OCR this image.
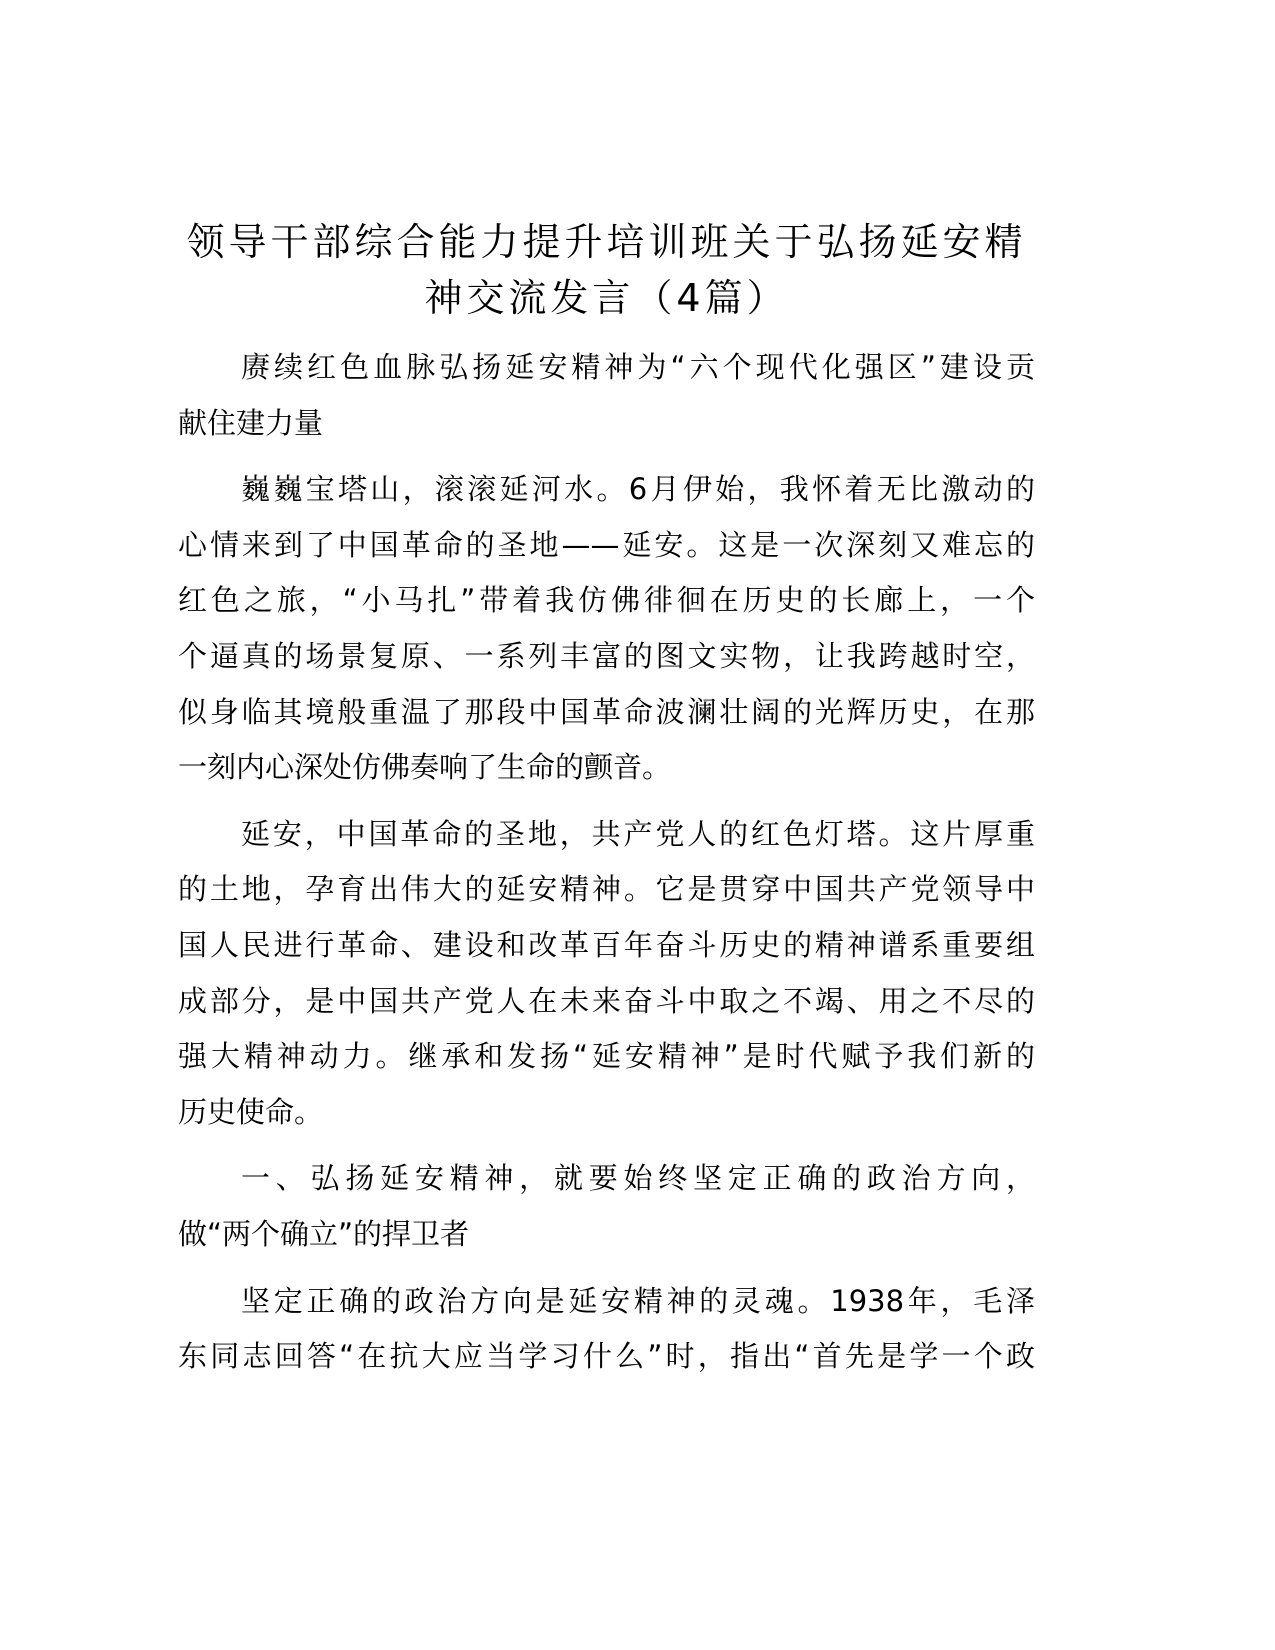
领导干部综合能力提升培训班关于弘扬延安精
神交流发言（4篇）
赓续红色血脉弘扬延安精神为“六个现代化强区”建设贡
献住建力量
巍巍宝塔山，滚滚延河水。6月伊始，我怀着无比激动的
心情来到了中国革命的圣地——延安。这是一次深刻又难忘的
红色之旅，“小马扎”带着我仿佛徘徊在历史的长廊上，一个
个逼真的场景复原、一系列丰富的图文实物，让我跨越时空，
似身临其境般重温了那段中国革命波澜壮阔的光辉历史，在那
一刻内心深处仿佛奏响了生命的颤音。
延安，中国革命的圣地，共产党人的红色灯塔。这片厚重
的土地，孕育出伟大的延安精神。它是贯穿中国共产党领导中
国人民进行革命、建设和改革百年奋斗历史的精神谱系重要组
成部分，是中国共产党人在未来奋斗中取之不竭、用之不尽的
强大精神动力。继承和发扬“延安精神”是时代赋予我们新的
历史使命。
一、弘扬延安精神，就要始终坚定正确的政治方向，
做“两个确立”的捍卫者
坚定正确的政治方向是延安精神的灵魂。1938年，毛泽
东同志回答“在抗大应当学习什么”时，指出“首先是学一个政
